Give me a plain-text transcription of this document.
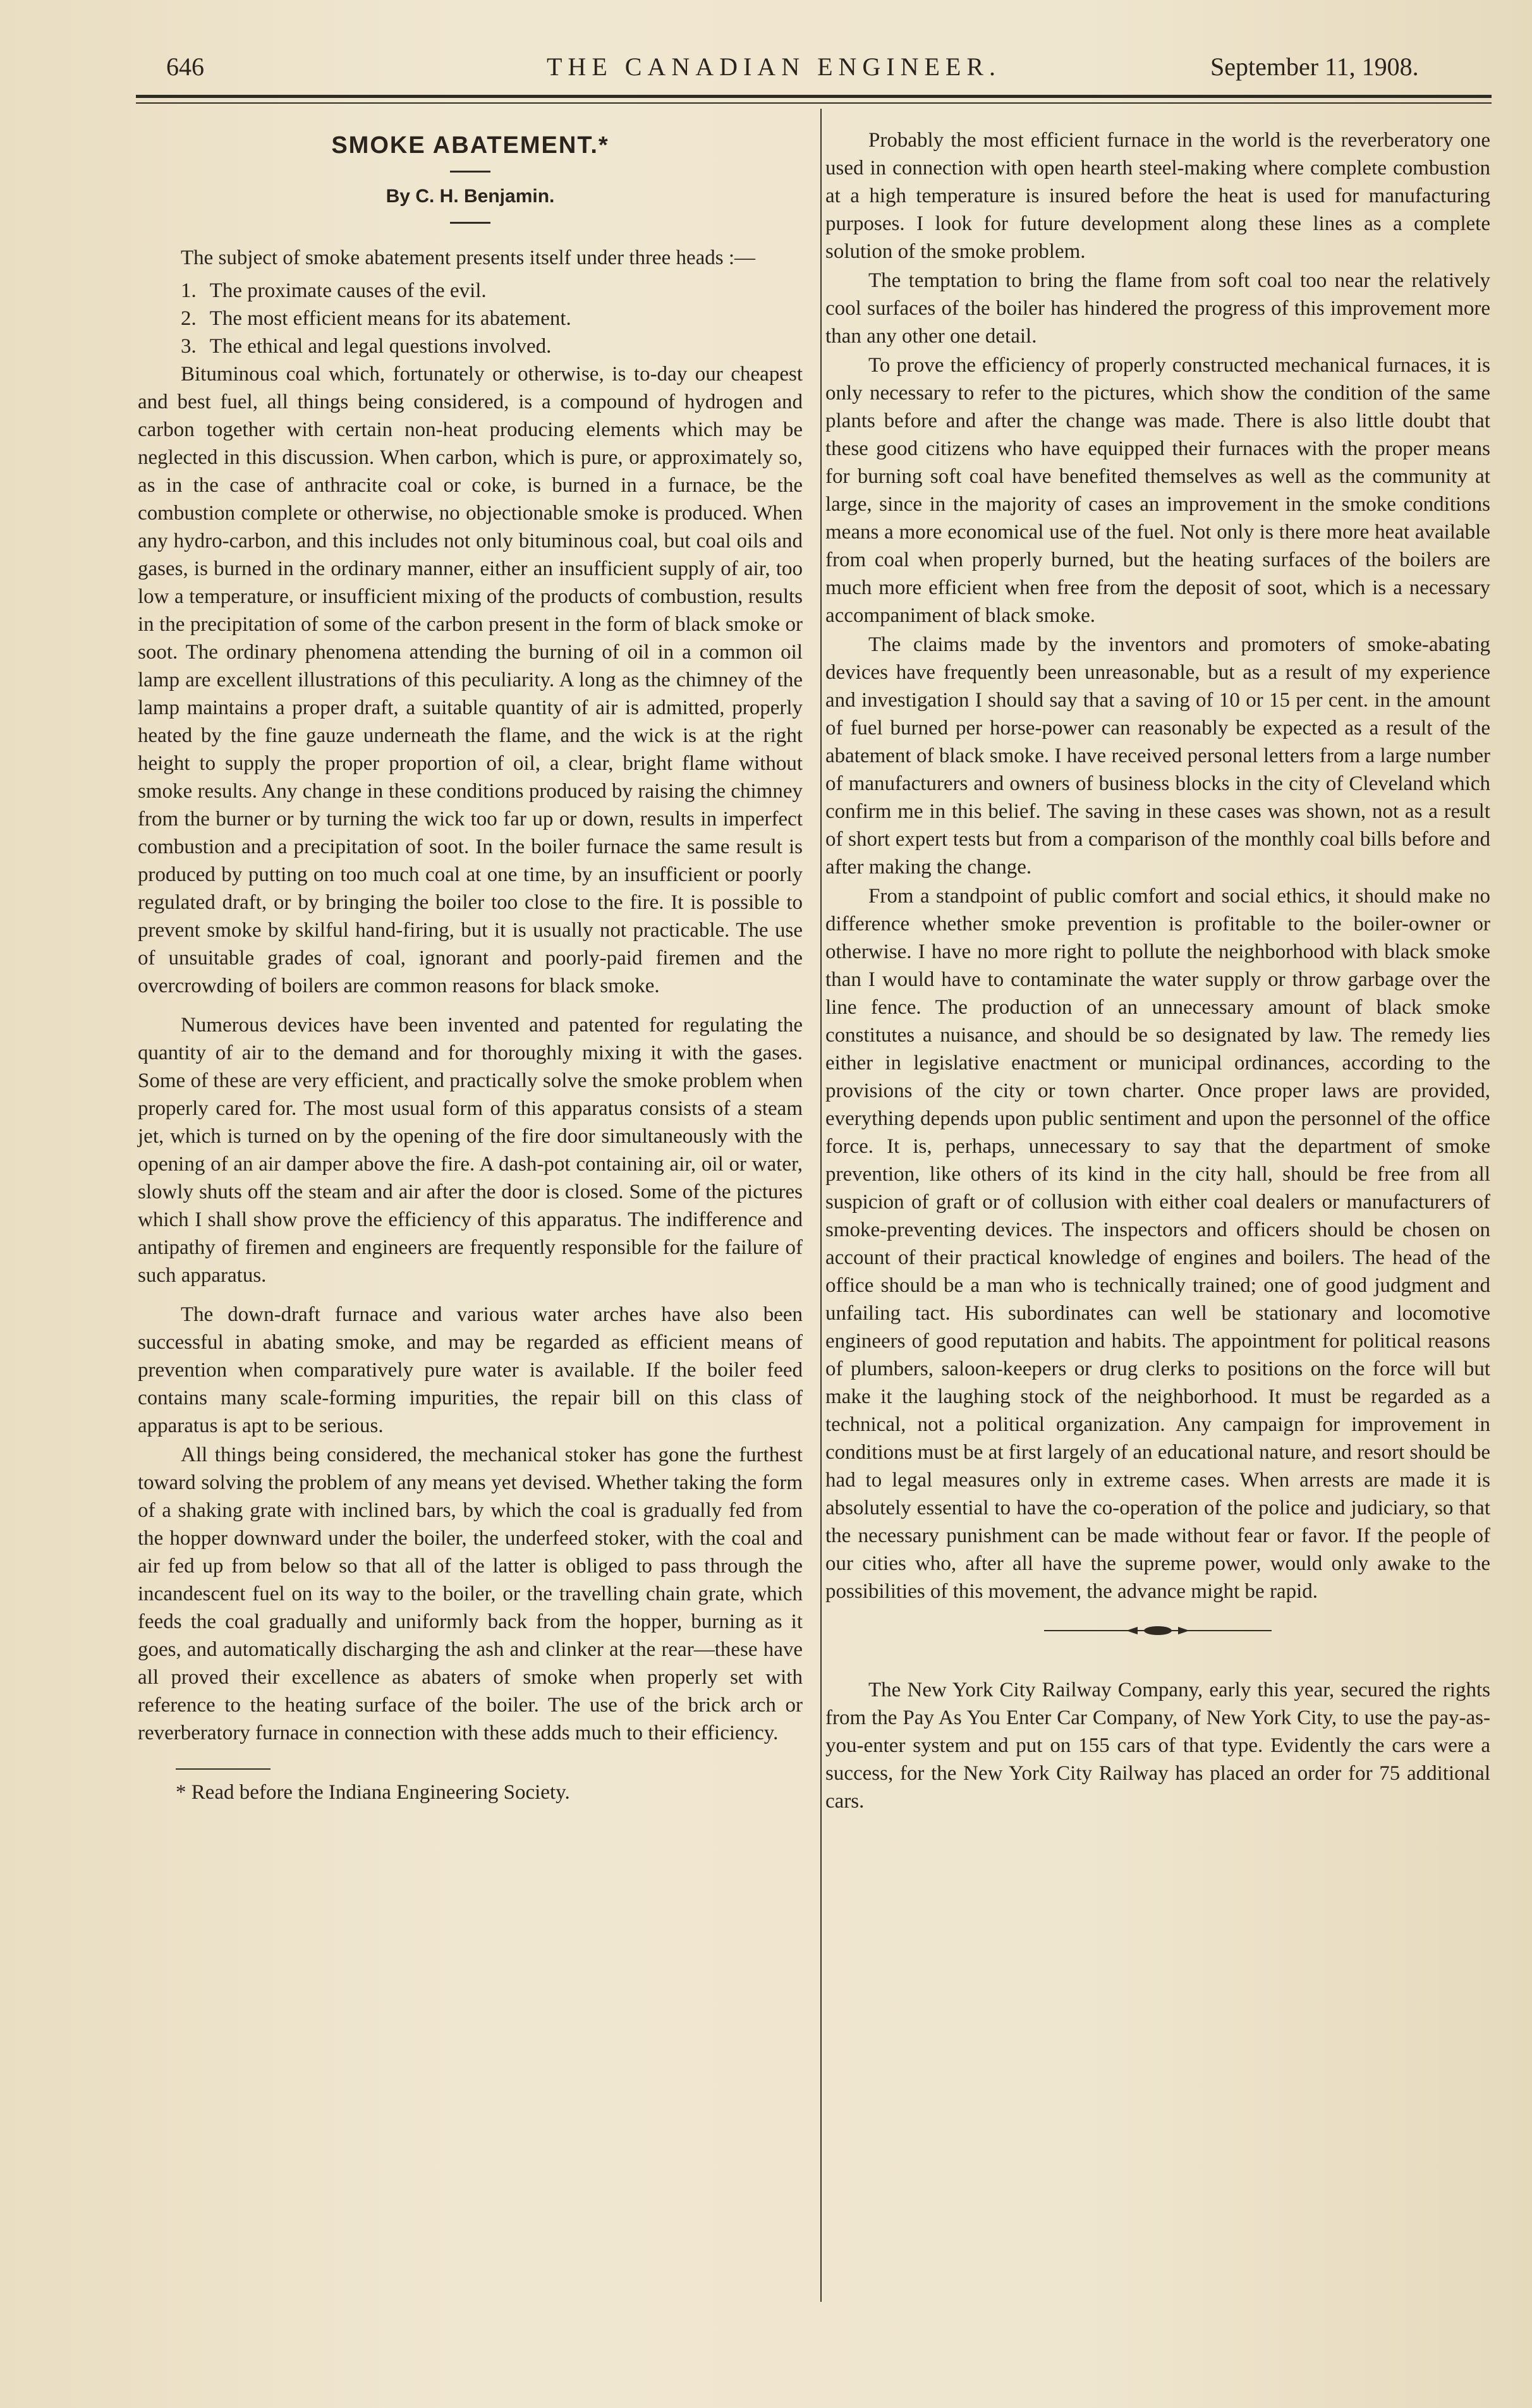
646	THE CANADIAN ENGINEER.	September 11, 1908.
SMOKE ABATEMENT.*
By C. H. Benjamin.

The subject of smoke abatement presents itself under three heads :—

1. The proximate causes of the evil.
2. The most efficient means for its abatement.
3. The ethical and legal questions involved.

Bituminous coal which, fortunately or otherwise, is to-day our cheapest and best fuel, all things being considered, is a compound of hydrogen and carbon together with certain non-heat producing elements which may be neglected in this discussion. When carbon, which is pure, or approximately so, as in the case of anthracite coal or coke, is burned in a furnace, be the combustion complete or otherwise, no objectionable smoke is produced. When any hydro-carbon, and this includes not only bituminous coal, but coal oils and gases, is burned in the ordinary manner, either an insufficient supply of air, too low a temperature, or insufficient mixing of the products of combustion, results in the precipitation of some of the carbon present in the form of black smoke or soot. The ordinary phenomena attending the burning of oil in a common oil lamp are excellent illustrations of this peculiarity. A long as the chimney of the lamp maintains a proper draft, a suitable quantity of air is admitted, properly heated by the fine gauze underneath the flame, and the wick is at the right height to supply the proper proportion of oil, a clear, bright flame without smoke results. Any change in these conditions produced by raising the chimney from the burner or by turning the wick too far up or down, results in imperfect combustion and a precipitation of soot. In the boiler furnace the same result is produced by putting on too much coal at one time, by an insufficient or poorly regulated draft, or by bringing the boiler too close to the fire. It is possible to prevent smoke by skilful hand-firing, but it is usually not practicable. The use of unsuitable grades of coal, ignorant and poorly-paid firemen and the overcrowding of boilers are common reasons for black smoke.

Numerous devices have been invented and patented for regulating the quantity of air to the demand and for thoroughly mixing it with the gases. Some of these are very efficient, and practically solve the smoke problem when properly cared for. The most usual form of this apparatus consists of a steam jet, which is turned on by the opening of the fire door simultaneously with the opening of an air damper above the fire. A dash-pot containing air, oil or water, slowly shuts off the steam and air after the door is closed. Some of the pictures which I shall show prove the efficiency of this apparatus. The indifference and antipathy of firemen and engineers are frequently responsible for the failure of such apparatus.

The down-draft furnace and various water arches have also been successful in abating smoke, and may be regarded as efficient means of prevention when comparatively pure water is available. If the boiler feed contains many scale-forming impurities, the repair bill on this class of apparatus is apt to be serious.

All things being considered, the mechanical stoker has gone the furthest toward solving the problem of any means yet devised. Whether taking the form of a shaking grate with inclined bars, by which the coal is gradually fed from the hopper downward under the boiler, the underfeed stoker, with the coal and air fed up from below so that all of the latter is obliged to pass through the incandescent fuel on its way to the boiler, or the travelling chain grate, which feeds the coal gradually and uniformly back from the hopper, burning as it goes, and automatically discharging the ash and clinker at the rear—these have all proved their excellence as abaters of smoke when properly set with reference to the heating surface of the boiler. The use of the brick arch or reverberatory furnace in connection with these adds much to their efficiency.

* Read before the Indiana Engineering Society.

Probably the most efficient furnace in the world is the reverberatory one used in connection with open hearth steel-making where complete combustion at a high temperature is insured before the heat is used for manufacturing purposes. I look for future development along these lines as a complete solution of the smoke problem.

The temptation to bring the flame from soft coal too near the relatively cool surfaces of the boiler has hindered the progress of this improvement more than any other one detail.

To prove the efficiency of properly constructed mechanical furnaces, it is only necessary to refer to the pictures, which show the condition of the same plants before and after the change was made. There is also little doubt that these good citizens who have equipped their furnaces with the proper means for burning soft coal have benefited themselves as well as the community at large, since in the majority of cases an improvement in the smoke conditions means a more economical use of the fuel. Not only is there more heat available from coal when properly burned, but the heating surfaces of the boilers are much more efficient when free from the deposit of soot, which is a necessary accompaniment of black smoke.

The claims made by the inventors and promoters of smoke-abating devices have frequently been unreasonable, but as a result of my experience and investigation I should say that a saving of 10 or 15 per cent. in the amount of fuel burned per horse-power can reasonably be expected as a result of the abatement of black smoke. I have received personal letters from a large number of manufacturers and owners of business blocks in the city of Cleveland which confirm me in this belief. The saving in these cases was shown, not as a result of short expert tests but from a comparison of the monthly coal bills before and after making the change.

From a standpoint of public comfort and social ethics, it should make no difference whether smoke prevention is profitable to the boiler-owner or otherwise. I have no more right to pollute the neighborhood with black smoke than I would have to contaminate the water supply or throw garbage over the line fence. The production of an unnecessary amount of black smoke constitutes a nuisance, and should be so designated by law. The remedy lies either in legislative enactment or municipal ordinances, according to the provisions of the city or town charter. Once proper laws are provided, everything depends upon public sentiment and upon the personnel of the office force. It is, perhaps, unnecessary to say that the department of smoke prevention, like others of its kind in the city hall, should be free from all suspicion of graft or of collusion with either coal dealers or manufacturers of smoke-preventing devices. The inspectors and officers should be chosen on account of their practical knowledge of engines and boilers. The head of the office should be a man who is technically trained; one of good judgment and unfailing tact. His subordinates can well be stationary and locomotive engineers of good reputation and habits. The appointment for political reasons of plumbers, saloon-keepers or drug clerks to positions on the force will but make it the laughing stock of the neighborhood. It must be regarded as a technical, not a political organization. Any campaign for improvement in conditions must be at first largely of an educational nature, and resort should be had to legal measures only in extreme cases. When arrests are made it is absolutely essential to have the co-operation of the police and judiciary, so that the necessary punishment can be made without fear or favor. If the people of our cities who, after all have the supreme power, would only awake to the possibilities of this movement, the advance might be rapid.

The New York City Railway Company, early this year, secured the rights from the Pay As You Enter Car Company, of New York City, to use the pay-as-you-enter system and put on 155 cars of that type. Evidently the cars were a success, for the New York City Railway has placed an order for 75 additional cars.
